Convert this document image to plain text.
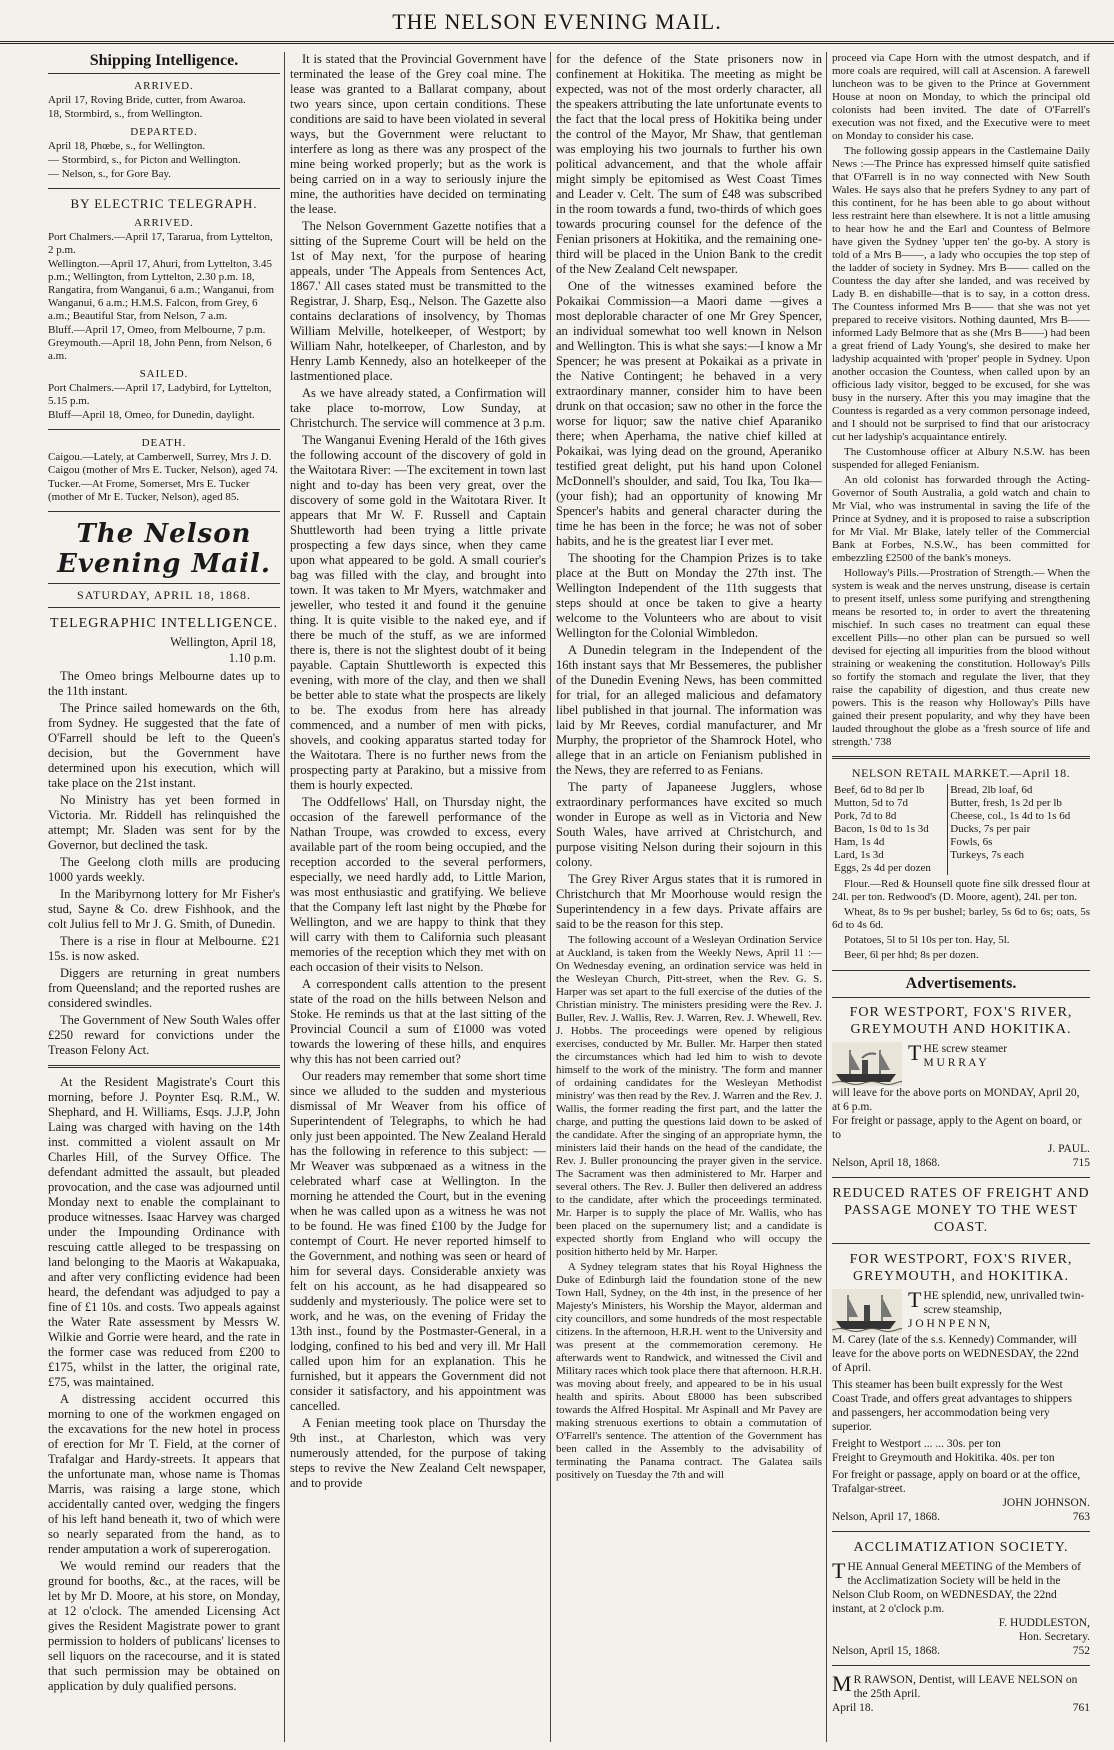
THE NELSON EVENING MAIL.
Shipping Intelligence.
ARRIVED.

April 17, Roving Bride, cutter, from Awaroa.

18, Stormbird, s., from Wellington.

DEPARTED.

April 18, Phœbe, s., for Wellington.

— Stormbird, s., for Picton and Wellington.

— Nelson, s., for Gore Bay.

BY ELECTRIC TELEGRAPH.
ARRIVED.

Port Chalmers.—April 17, Tararua, from Lyttelton, 2 p.m.

Wellington.—April 17, Ahuri, from Lyttelton, 3.45 p.m.; Wellington, from Lyttelton, 2.30 p.m. 18, Rangatira, from Wanganui, 6 a.m.; Wanganui, from Wanganui, 6 a.m.; H.M.S. Falcon, from Grey, 6 a.m.; Beautiful Star, from Nelson, 7 a.m.

Bluff.—April 17, Omeo, from Melbourne, 7 p.m. Greymouth.—April 18, John Penn, from Nelson, 6 a.m.

SAILED.

Port Chalmers.—April 17, Ladybird, for Lyttelton, 5.15 p.m.

Bluff—April 18, Omeo, for Dunedin, daylight.

DEATH.

Caigou.—Lately, at Camberwell, Surrey, Mrs J. D. Caigou (mother of Mrs E. Tucker, Nelson), aged 74.

Tucker.—At Frome, Somerset, Mrs E. Tucker (mother of Mr E. Tucker, Nelson), aged 85.

The Nelson Evening Mail.
SATURDAY, APRIL 18, 1868.
TELEGRAPHIC INTELLIGENCE.
Wellington, April 18,
1.10 p.m.

The Omeo brings Melbourne dates up to the 11th instant.

The Prince sailed homewards on the 6th, from Sydney. He suggested that the fate of O'Farrell should be left to the Queen's decision, but the Government have determined upon his execution, which will take place on the 21st instant.

No Ministry has yet been formed in Victoria. Mr. Riddell has relinquished the attempt; Mr. Sladen was sent for by the Governor, but declined the task.

The Geelong cloth mills are producing 1000 yards weekly.

In the Maribyrnong lottery for Mr Fisher's stud, Sayne & Co. drew Fishhook, and the colt Julius fell to Mr J. G. Smith, of Dunedin.

There is a rise in flour at Melbourne. £21 15s. is now asked.

Diggers are returning in great numbers from Queensland; and the reported rushes are considered swindles.

The Government of New South Wales offer £250 reward for convictions under the Treason Felony Act.

At the Resident Magistrate's Court this morning, before J. Poynter Esq. R.M., W. Shephard, and H. Williams, Esqs. J.J.P, John Laing was charged with having on the 14th inst. committed a violent assault on Mr Charles Hill, of the Survey Office. The defendant admitted the assault, but pleaded provocation, and the case was adjourned until Monday next to enable the complainant to produce witnesses. Isaac Harvey was charged under the Impounding Ordinance with rescuing cattle alleged to be trespassing on land belonging to the Maoris at Wakapuaka, and after very conflicting evidence had been heard, the defendant was adjudged to pay a fine of £1 10s. and costs. Two appeals against the Water Rate assessment by Messrs W. Wilkie and Gorrie were heard, and the rate in the former case was reduced from £200 to £175, whilst in the latter, the original rate, £75, was maintained.

A distressing accident occurred this morning to one of the workmen engaged on the excavations for the new hotel in process of erection for Mr T. Field, at the corner of Trafalgar and Hardy-streets. It appears that the unfortunate man, whose name is Thomas Marris, was raising a large stone, which accidentally canted over, wedging the fingers of his left hand beneath it, two of which were so nearly separated from the hand, as to render amputation a work of supererogation.

We would remind our readers that the ground for booths, &c., at the races, will be let by Mr D. Moore, at his store, on Monday, at 12 o'clock. The amended Licensing Act gives the Resident Magistrate power to grant permission to holders of publicans' licenses to sell liquors on the racecourse, and it is stated that such permission may be obtained on application by duly qualified persons.

It is stated that the Provincial Government have terminated the lease of the Grey coal mine. The lease was granted to a Ballarat company, about two years since, upon certain conditions. These conditions are said to have been violated in several ways, but the Government were reluctant to interfere as long as there was any prospect of the mine being worked properly; but as the work is being carried on in a way to seriously injure the mine, the authorities have decided on terminating the lease.

The Nelson Government Gazette notifies that a sitting of the Supreme Court will be held on the 1st of May next, 'for the purpose of hearing appeals, under 'The Appeals from Sentences Act, 1867.' All cases stated must be transmitted to the Registrar, J. Sharp, Esq., Nelson. The Gazette also contains declarations of insolvency, by Thomas William Melville, hotelkeeper, of Westport; by William Nahr, hotelkeeper, of Charleston, and by Henry Lamb Kennedy, also an hotelkeeper of the lastmentioned place.

As we have already stated, a Confirmation will take place to-morrow, Low Sunday, at Christchurch. The service will commence at 3 p.m.

The Wanganui Evening Herald of the 16th gives the following account of the discovery of gold in the Waitotara River: —The excitement in town last night and to-day has been very great, over the discovery of some gold in the Waitotara River. It appears that Mr W. F. Russell and Captain Shuttleworth had been trying a little private prospecting a few days since, when they came upon what appeared to be gold. A small courier's bag was filled with the clay, and brought into town. It was taken to Mr Myers, watchmaker and jeweller, who tested it and found it the genuine thing. It is quite visible to the naked eye, and if there be much of the stuff, as we are informed there is, there is not the slightest doubt of it being payable. Captain Shuttleworth is expected this evening, with more of the clay, and then we shall be better able to state what the prospects are likely to be. The exodus from here has already commenced, and a number of men with picks, shovels, and cooking apparatus started today for the Waitotara. There is no further news from the prospecting party at Parakino, but a missive from them is hourly expected.

The Oddfellows' Hall, on Thursday night, the occasion of the farewell performance of the Nathan Troupe, was crowded to excess, every available part of the room being occupied, and the reception accorded to the several performers, especially, we need hardly add, to Little Marion, was most enthusiastic and gratifying. We believe that the Company left last night by the Phœbe for Wellington, and we are happy to think that they will carry with them to California such pleasant memories of the reception which they met with on each occasion of their visits to Nelson.

A correspondent calls attention to the present state of the road on the hills between Nelson and Stoke. He reminds us that at the last sitting of the Provincial Council a sum of £1000 was voted towards the lowering of these hills, and enquires why this has not been carried out?

Our readers may remember that some short time since we alluded to the sudden and mysterious dismissal of Mr Weaver from his office of Superintendent of Telegraphs, to which he had only just been appointed. The New Zealand Herald has the following in reference to this subject: —Mr Weaver was subpœnaed as a witness in the celebrated wharf case at Wellington. In the morning he attended the Court, but in the evening when he was called upon as a witness he was not to be found. He was fined £100 by the Judge for contempt of Court. He never reported himself to the Government, and nothing was seen or heard of him for several days. Considerable anxiety was felt on his account, as he had disappeared so suddenly and mysteriously. The police were set to work, and he was, on the evening of Friday the 13th inst., found by the Postmaster-General, in a lodging, confined to his bed and very ill. Mr Hall called upon him for an explanation. This he furnished, but it appears the Government did not consider it satisfactory, and his appointment was cancelled.

A Fenian meeting took place on Thursday the 9th inst., at Charleston, which was very numerously attended, for the purpose of taking steps to revive the New Zealand Celt newspaper, and to provide

for the defence of the State prisoners now in confinement at Hokitika. The meeting as might be expected, was not of the most orderly character, all the speakers attributing the late unfortunate events to the fact that the local press of Hokitika being under the control of the Mayor, Mr Shaw, that gentleman was employing his two journals to further his own political advancement, and that the whole affair might simply be epitomised as West Coast Times and Leader v. Celt. The sum of £48 was subscribed in the room towards a fund, two-thirds of which goes towards procuring counsel for the defence of the Fenian prisoners at Hokitika, and the remaining one-third will be placed in the Union Bank to the credit of the New Zealand Celt newspaper.

One of the witnesses examined before the Pokaikai Commission—a Maori dame —gives a most deplorable character of one Mr Grey Spencer, an individual somewhat too well known in Nelson and Wellington. This is what she says:—I know a Mr Spencer; he was present at Pokaikai as a private in the Native Contingent; he behaved in a very extraordinary manner, consider him to have been drunk on that occasion; saw no other in the force the worse for liquor; saw the native chief Aparaniko there; when Aperhama, the native chief killed at Pokaikai, was lying dead on the ground, Aperaniko testified great delight, put his hand upon Colonel McDonnell's shoulder, and said, Tou Ika, Tou Ika—(your fish); had an opportunity of knowing Mr Spencer's habits and general character during the time he has been in the force; he was not of sober habits, and he is the greatest liar I ever met.

The shooting for the Champion Prizes is to take place at the Butt on Monday the 27th inst. The Wellington Independent of the 11th suggests that steps should at once be taken to give a hearty welcome to the Volunteers who are about to visit Wellington for the Colonial Wimbledon.

A Dunedin telegram in the Independent of the 16th instant says that Mr Bessemeres, the publisher of the Dunedin Evening News, has been committed for trial, for an alleged malicious and defamatory libel published in that journal. The information was laid by Mr Reeves, cordial manufacturer, and Mr Murphy, the proprietor of the Shamrock Hotel, who allege that in an article on Fenianism published in the News, they are referred to as Fenians.

The party of Japaneese Jugglers, whose extraordinary performances have excited so much wonder in Europe as well as in Victoria and New South Wales, have arrived at Christchurch, and purpose visiting Nelson during their sojourn in this colony.

The Grey River Argus states that it is rumored in Christchurch that Mr Moorhouse would resign the Superintendency in a few days. Private affairs are said to be the reason for this step.

The following account of a Wesleyan Ordination Service at Auckland, is taken from the Weekly News, April 11 :—On Wednesday evening, an ordination service was held in the Wesleyan Church, Pitt-street, when the Rev. G. S. Harper was set apart to the full exercise of the duties of the Christian ministry. The ministers presiding were the Rev. J. Buller, Rev. J. Wallis, Rev. J. Warren, Rev. J. Whewell, Rev. J. Hobbs. The proceedings were opened by religious exercises, conducted by Mr. Buller. Mr. Harper then stated the circumstances which had led him to wish to devote himself to the work of the ministry. 'The form and manner of ordaining candidates for the Wesleyan Methodist ministry' was then read by the Rev. J. Warren and the Rev. J. Wallis, the former reading the first part, and the latter the charge, and putting the questions laid down to be asked of the candidate. After the singing of an appropriate hymn, the ministers laid their hands on the head of the candidate, the Rev. J. Buller pronouncing the prayer given in the service. The Sacrament was then administered to Mr. Harper and several others. The Rev. J. Buller then delivered an address to the candidate, after which the proceedings terminated. Mr. Harper is to supply the place of Mr. Wallis, who has been placed on the supernumery list; and a candidate is expected shortly from England who will occupy the position hitherto held by Mr. Harper.

A Sydney telegram states that his Royal Highness the Duke of Edinburgh laid the foundation stone of the new Town Hall, Sydney, on the 4th inst, in the presence of her Majesty's Ministers, his Worship the Mayor, alderman and city councillors, and some hundreds of the most respectable citizens. In the afternoon, H.R.H. went to the University and was present at the commemoration ceremony. He afterwards went to Randwick, and witnessed the Civil and Military races which took place there that afternoon. H.R.H. was moving about freely, and appeared to be in his usual health and spirits. About £8000 has been subscribed towards the Alfred Hospital. Mr Aspinall and Mr Pavey are making strenuous exertions to obtain a commutation of O'Farrell's sentence. The attention of the Government has been called in the Assembly to the advisability of terminating the Panama contract. The Galatea sails positively on Tuesday the 7th and will

proceed via Cape Horn with the utmost despatch, and if more coals are required, will call at Ascension. A farewell luncheon was to be given to the Prince at Government House at noon on Monday, to which the principal old colonists had been invited. The date of O'Farrell's execution was not fixed, and the Executive were to meet on Monday to consider his case.

The following gossip appears in the Castlemaine Daily News :—The Prince has expressed himself quite satisfied that O'Farrell is in no way connected with New South Wales. He says also that he prefers Sydney to any part of this continent, for he has been able to go about without less restraint here than elsewhere. It is not a little amusing to hear how he and the Earl and Countess of Belmore have given the Sydney 'upper ten' the go-by. A story is told of a Mrs B——, a lady who occupies the top step of the ladder of society in Sydney. Mrs B—— called on the Countess the day after she landed, and was received by Lady B. en dishabille—that is to say, in a cotton dress. The Countess informed Mrs B—— that she was not yet prepared to receive visitors. Nothing daunted, Mrs B—— informed Lady Belmore that as she (Mrs B——) had been a great friend of Lady Young's, she desired to make her ladyship acquainted with 'proper' people in Sydney. Upon another occasion the Countess, when called upon by an officious lady visitor, begged to be excused, for she was busy in the nursery. After this you may imagine that the Countess is regarded as a very common personage indeed, and I should not be surprised to find that our aristocracy cut her ladyship's acquaintance entirely.

The Customhouse officer at Albury N.S.W. has been suspended for alleged Fenianism.

An old colonist has forwarded through the Acting-Governor of South Australia, a gold watch and chain to Mr Vial, who was instrumental in saving the life of the Prince at Sydney, and it is proposed to raise a subscription for Mr Vial. Mr Blake, lately teller of the Commercial Bank at Forbes, N.S.W., has been committed for embezzling £2500 of the bank's moneys.

Holloway's Pills.—Prostration of Strength.— When the system is weak and the nerves unstrung, disease is certain to present itself, unless some purifying and strengthening means be resorted to, in order to avert the threatening mischief. In such cases no treatment can equal these excellent Pills—no other plan can be pursued so well devised for ejecting all impurities from the blood without straining or weakening the constitution. Holloway's Pills so fortify the stomach and regulate the liver, that they raise the capability of digestion, and thus create new powers. This is the reason why Holloway's Pills have gained their present popularity, and why they have been lauded throughout the globe as a 'fresh source of life and strength.' 738

NELSON RETAIL MARKET.—April 18.
Beef, 6d to 8d per lb	Bread, 2lb loaf, 6d
Mutton, 5d to 7d	Butter, fresh, 1s 2d per lb
Pork, 7d to 8d	Cheese, col., 1s 4d to 1s 6d
Bacon, 1s 0d to 1s 3d	Ducks, 7s per pair
Ham, 1s 4d	Fowls, 6s
Lard, 1s 3d	Turkeys, 7s each
Eggs, 2s 4d per dozen	

Flour.—Red & Hounsell quote fine silk dressed flour at 24l. per ton. Redwood's (D. Moore, agent), 24l. per ton.

Wheat, 8s to 9s per bushel; barley, 5s 6d to 6s; oats, 5s 6d to 4s 6d.

Potatoes, 5l to 5l 10s per ton. Hay, 5l.

Beer, 6l per hhd; 8s per dozen.

Advertisements.
FOR WESTPORT, FOX'S RIVER, GREYMOUTH AND HOKITIKA.
THE screw steamer
M U R R A Y
will leave for the above ports on MONDAY, April 20, at 6 p.m.
For freight or passage, apply to the Agent on board, or to
J. PAUL.
Nelson, April 18, 1868.	715
REDUCED RATES OF FREIGHT AND PASSAGE MONEY TO THE WEST COAST.
FOR WESTPORT, FOX'S RIVER, GREYMOUTH, and HOKITIKA.
THE splendid, new, unrivalled twin-screw steamship,
J O H N P E N N,
M. Carey (late of the s.s. Kennedy) Commander, will leave for the above ports on WEDNESDAY, the 22nd of April.
This steamer has been built expressly for the West Coast Trade, and offers great advantages to shippers and passengers, her accommodation being very superior.
Freight to Westport ... ... 30s. per ton
Freight to Greymouth and Hokitika. 40s. per ton
For freight or passage, apply on board or at the office, Trafalgar-street.
JOHN JOHNSON.
Nelson, April 17, 1868.	763
ACCLIMATIZATION SOCIETY.
THE Annual General MEETING of the Members of the Acclimatization Society will be held in the Nelson Club Room, on WEDNESDAY, the 22nd instant, at 2 o'clock p.m.
F. HUDDLESTON,
Hon. Secretary.
Nelson, April 15, 1868.	752
M R RAWSON, Dentist, will LEAVE NELSON on the 25th April.
April 18.	761
